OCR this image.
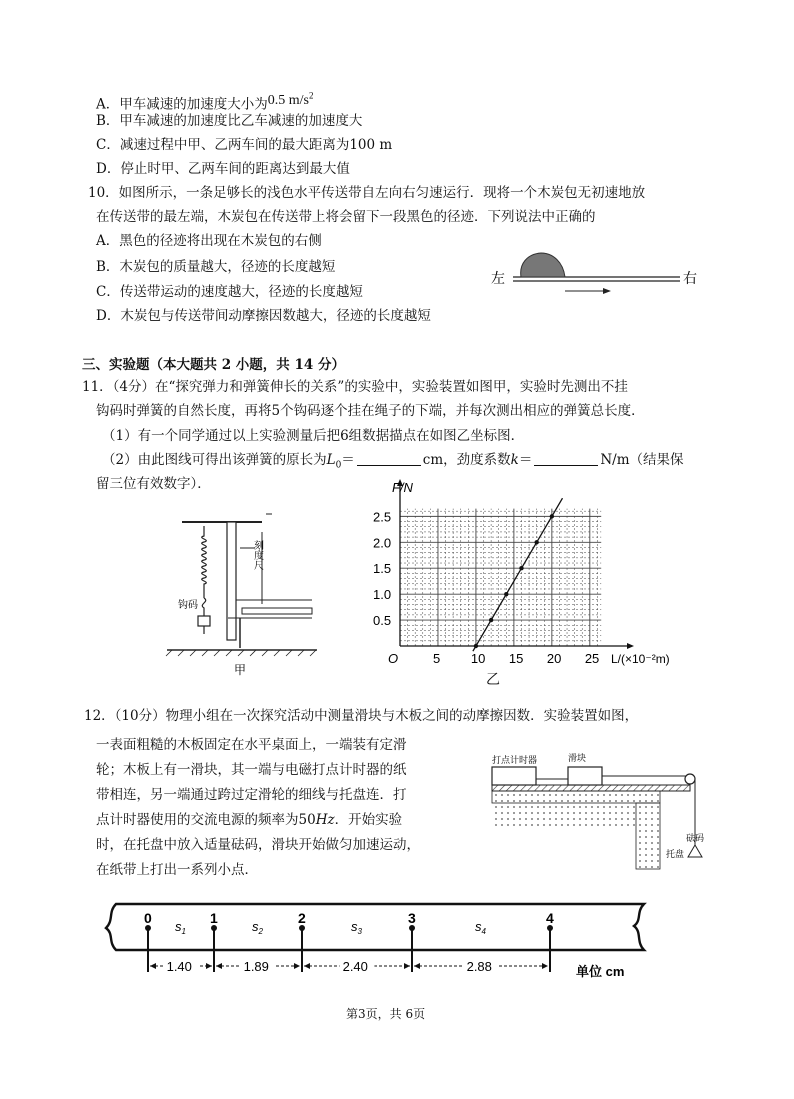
A．甲车减速的加速度大小为0.5 $m/s^2$
B．甲车减速的加速度比乙车减速的加速度大
C．减速过程中甲、乙两车间的最大距离为100 m
D．停止时甲、乙两车间的距离达到最大值
10．如图所示，一条足够长的浅色水平传送带自左向右匀速运行．现将一个木炭包无初速地放
在传送带的最左端，木炭包在传送带上将会留下一段黑色的径迹．下列说法中正确的
A．黑色的径迹将出现在木炭包的右侧
B．木炭包的质量越大，径迹的长度越短
C．传送带运动的速度越大，径迹的长度越短
D．木炭包与传送带间动摩擦因数越大，径迹的长度越短
左	右
三、实验题（本大题共 2 小题，共 14 分）
11．（4分）在“探究弹力和弹簧伸长的关系”的实验中，实验装置如图甲，实验时先测出不挂
钩码时弹簧的自然长度，再将5个钩码逐个挂在绳子的下端，并每次测出相应的弹簧总长度．
（1）有一个同学通过以上实验测量后把6组数据描点在如图乙坐标图．
（2）由此图线可得出该弹簧的原长为$L_0=$	cm，劲度系数k＝	N/m（结果保
留三位有效数字）．
钩码
刻度尺
甲
O	5 10 15 20 25
0.5
1.0
1.5
2.0
2.5
F/N
L/(×10⁻²m)
乙
12．（10分）物理小组在一次探究活动中测量滑块与木板之间的动摩擦因数．实验装置如图，
一表面粗糙的木板固定在水平桌面上，一端装有定滑
轮；木板上有一滑块，其一端与电磁打点计时器的纸
带相连，另一端通过跨过定滑轮的细线与托盘连．打
点计时器使用的交流电源的频率为50Hz．开始实验
时，在托盘中放入适量砝码，滑块开始做匀加速运动，
在纸带上打出一系列小点．
打点计时器	滑块
砝码
托盘
0	1	2	3	4
$s_1$
1.40
$s_2$
1.89
$s_3$
2.40
$s_4$
2.88	单位 cm
第3页，共 6页
